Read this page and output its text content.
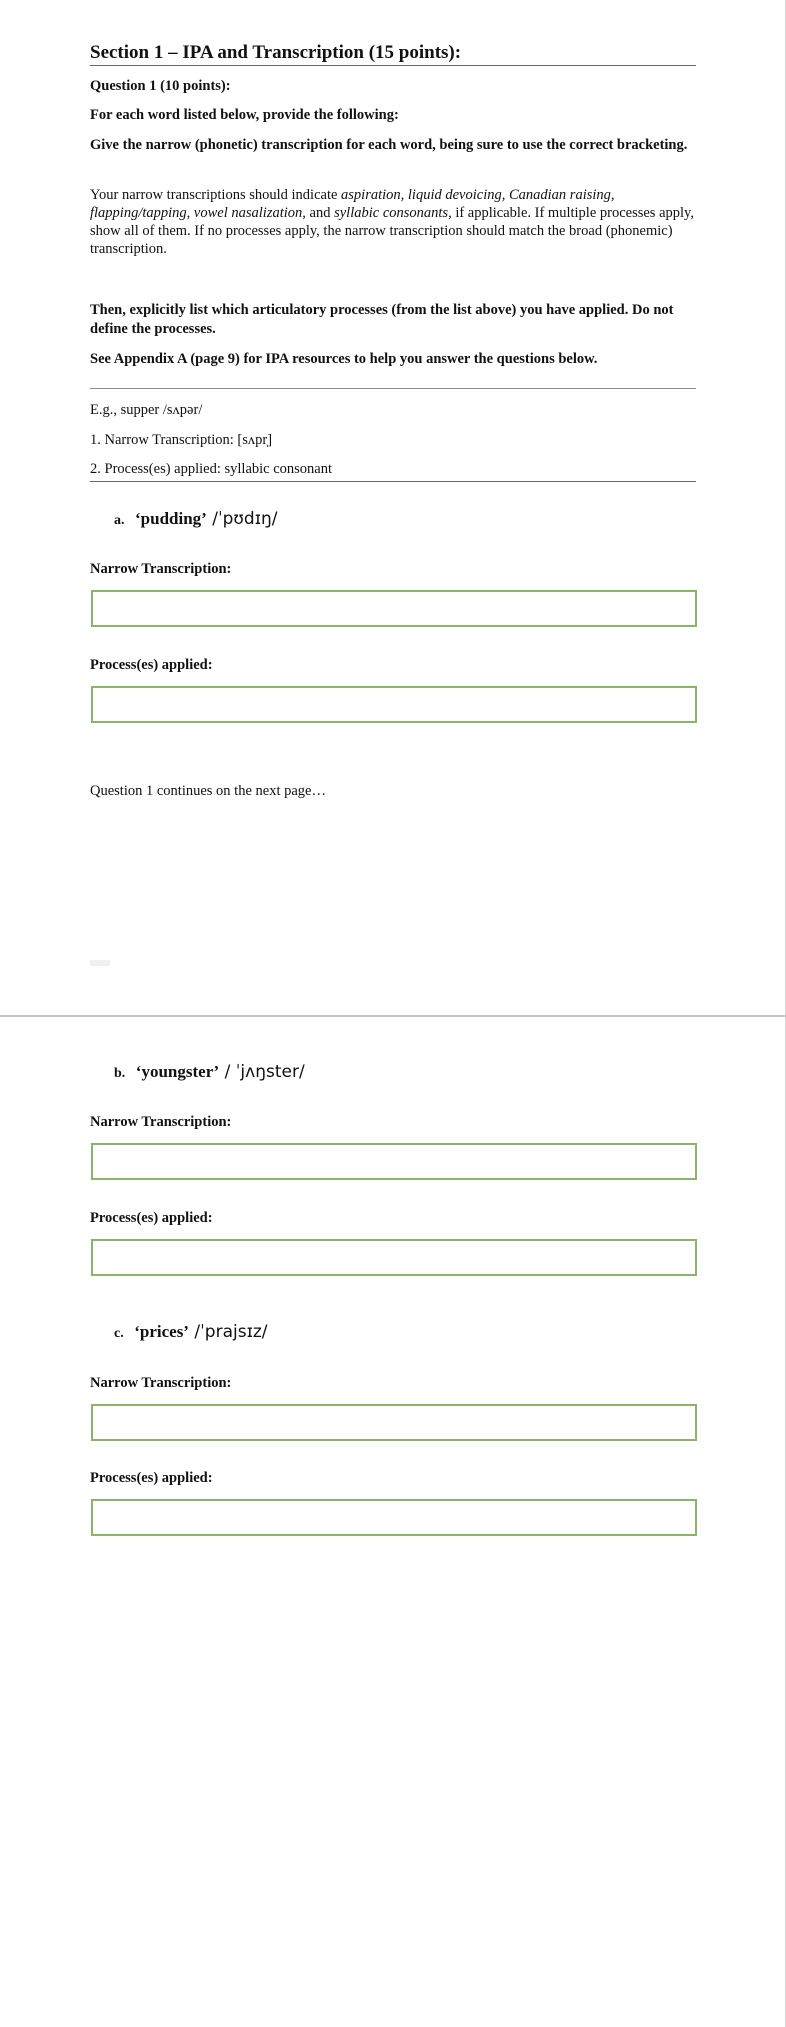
Section 1 – IPA and Transcription (15 points):
Question 1 (10 points):
For each word listed below, provide the following:
Give the narrow (phonetic) transcription for each word, being sure to use the correct bracketing.
Your narrow transcriptions should indicate aspiration, liquid devoicing, Canadian raising, flapping/tapping, vowel nasalization, and syllabic consonants, if applicable. If multiple processes apply, show all of them. If no processes apply, the narrow transcription should match the broad (phonemic) transcription.
Then, explicitly list which articulatory processes (from the list above) you have applied. Do not define the processes.
See Appendix A (page 9) for IPA resources to help you answer the questions below.
E.g., supper /sʌpər/
1. Narrow Transcription: [sʌpr̩]
2. Process(es) applied: syllabic consonant
a. ‘pudding’ /ˈpʊdɪŋ/
Narrow Transcription:
Process(es) applied:
Question 1 continues on the next page…
b. ‘youngster’ / ˈjʌŋster/
Narrow Transcription:
Process(es) applied:
c. ‘prices’ /ˈprajsɪz/
Narrow Transcription:
Process(es) applied:
